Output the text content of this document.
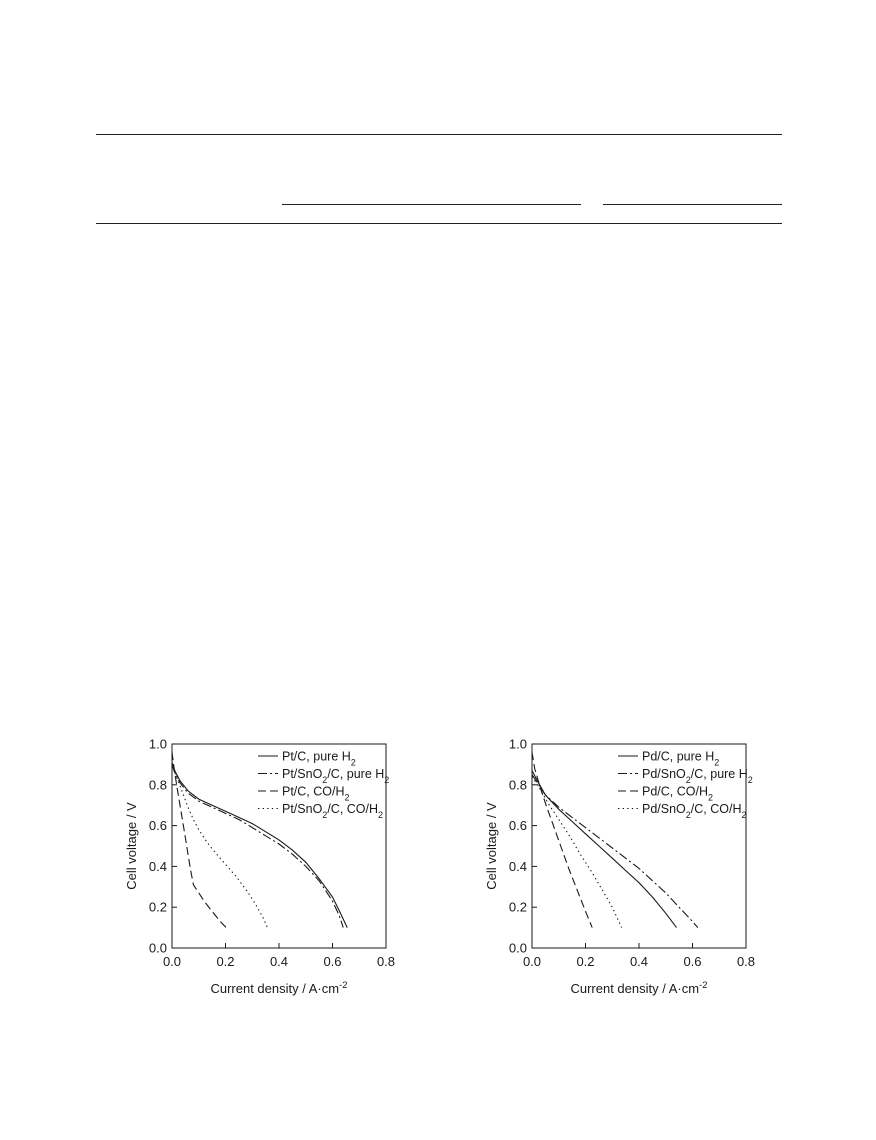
0.0	0.2	0.4	0.6	0.8
0.0
0.2
0.4
0.6
0.8
1.0
Current density / $A\cdot cm^{-2}$
Cell voltage / V
Pt/C, pure $H_2$
Pt/SnO$_2$/C, pure $H_2$
Pt/C, $CO/H_2$
Pt/SnO$_2$/C, $CO/H_2$
0.0	0.2	0.4	0.6	0.8
0.0
0.2
0.4
0.6
0.8
1.0
Current density / $A\cdot cm^{-2}$
Cell voltage / V
Pd/C, pure $H_2$
Pd/SnO$_2$/C, pure $H_2$
Pd/C, $CO/H_2$
Pd/SnO$_2$/C, $CO/H_2$
